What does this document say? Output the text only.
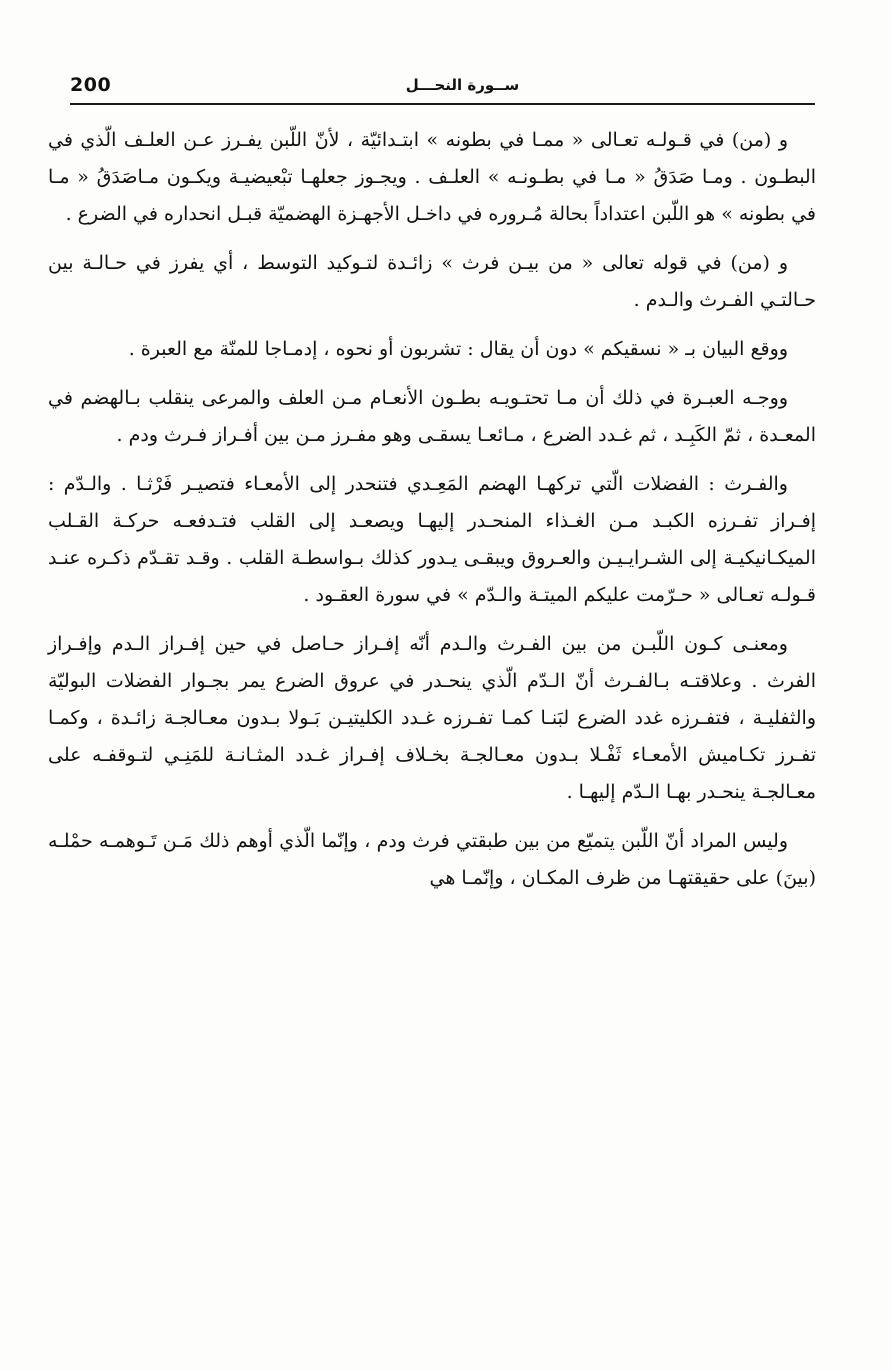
200	ســورة النحـــل

و (من) في قـولـه تعـالى « ممـا في بطونه » ابتـدائيّة ، لأنّ اللّبن يفـرز عـن العلـف الّذي في البطـون . ومـا صَدَقُ « مـا في بطـونـه » العلـف . ويجـوز جعلهـا تبْعيضيـة ويكـون مـاصَدَقُ « مـا في بطونه » هو اللّبن اعتداداً بحالة مُـروره في داخـل الأجهـزة الهضميّة قبـل انحداره في الضرع .

و (من) في قوله تعالى « من بيـن فرث » زائـدة لتـوكيد التوسط ، أي يفرز في حـالـة بين حـالتـي الفـرث والـدم .

ووقع البيان بـ « نسقيكم » دون أن يقال : تشربون أو نحوه ، إدمـاجا للمنّة مع العبرة .

ووجـه العبـرة في ذلك أن مـا تحتـويـه بطـون الأنعـام مـن العلف والمرعى ينقلب بـالهضم في المعـدة ، ثمّ الكَبِـد ، ثم غـدد الضرع ، مـائعـا يسقـى وهو مفـرز مـن بين أفـراز فـرث ودم .

والفـرث : الفضلات الّتي تركهـا الهضم المَعِـدي فتنحدر إلى الأمعـاء فتصيـر فَرْثـا . والـدّم : إفـراز تفـرزه الكبـد مـن الغـذاء المنحـدر إليهـا ويصعـد إلى القلب فتـدفعـه حركـة القـلب الميكـانيكيـة إلى الشـرايـيـن والعـروق ويبقـى يـدور كذلك بـواسطـة القلب . وقـد تقـدّم ذكـره عنـد قـولـه تعـالى « حـرّمت عليكم الميتـة والـدّم » في سورة العقـود .

ومعنـى كـون اللّبـن من بين الفـرث والـدم أنّه إفـراز حـاصل في حين إفـراز الـدم وإفـراز الفرث . وعلاقتـه بـالفـرث أنّ الـدّم الّذي ينحـدر في عروق الضرع يمر بجـوار الفضلات البوليّة والثفليـة ، فتفـرزه غدد الضرع لبَنـا كمـا تفـرزه غـدد الكليتيـن بَـولا بـدون معـالجـة زائـدة ، وكمـا تفـرز تكـاميش الأمعـاء ثَفْـلا بـدون معـالجـة بخـلاف إفـراز غـدد المثـانـة للمَنِـي لتـوقفـه على معـالجـة ينحـدر بهـا الـدّم إليهـا .

وليس المراد أنّ اللّبن يتميّع من بين طبقتي فرث ودم ، وإنّما الّذي أوهم ذلك مَـن تَـوهمـه حمْلـه (بينَ) على حقيقتهـا من ظرف المكـان ، وإنّمـا هي
